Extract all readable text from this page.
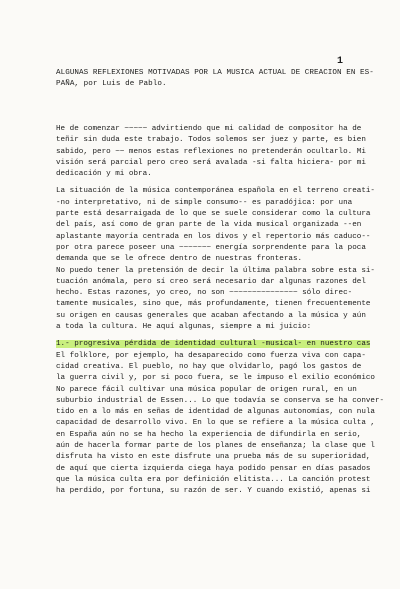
1
ALGUNAS REFLEXIONES MOTIVADAS POR LA MUSICA ACTUAL DE CREACION EN ES-
PAÑA, por Luis de Pablo.
He de comenzar ~~~~~ advirtiendo que mi calidad de compositor ha de
teñir sin duda este trabajo. Todos solemos ser juez y parte, es bien
sabido, pero ~~ menos estas reflexiones no pretenderán ocultarlo. Mi
visión será parcial pero creo será avalada -si falta hiciera- por mi
dedicación y mi obra.
La situación de la música contemporánea española en el terreno creati-
-no interpretativo, ni de simple consumo-- es paradójica: por una
parte está desarraigada de lo que se suele considerar como la cultura
del país, así como de gran parte de la vida musical organizada --en
aplastante mayoría centrada en los divos y el repertorio más caduco--
por otra parece poseer una ~~~~~~~ energía sorprendente para la poca
demanda que se le ofrece dentro de nuestras fronteras.
No puedo tener la pretensión de decir la última palabra sobre esta si-
tuación anómala, pero sí creo será necesario dar algunas razones del
hecho. Estas razones, yo creo, no son ~~~~~~~~~~~~~~~ sólo direc-
tamente musicales, sino que, más profundamente, tienen frecuentemente
su origen en causas generales que acaban afectando a la música y aún
a toda la cultura. He aquí algunas, siempre a mi juicio:
1.- progresiva pérdida de identidad cultural -musical- en nuestro cas
El folklore, por ejemplo, ha desaparecido como fuerza viva con capa-
cidad creativa. El pueblo, no hay que olvidarlo, pagó los gastos de
la guerra civil y, por si poco fuera, se le impuso el exilio económico
No parece fácil cultivar una música popular de origen rural, en un
suburbio industrial de Essen... Lo que todavía se conserva se ha conver-
tido en a lo más en señas de identidad de algunas autonomías, con nula
capacidad de desarrollo vivo. En lo que se refiere a la música culta ,
en España aún no se ha hecho la experiencia de difundirla en serio,
aún de hacerla formar parte de los planes de enseñanza; la clase que l
disfruta ha visto en este disfrute una prueba más de su superioridad,
de aquí que cierta izquierda ciega haya podido pensar en días pasados
que la música culta era por definición elitista... La canción protest
ha perdido, por fortuna, su razón de ser. Y cuando existió, apenas si
